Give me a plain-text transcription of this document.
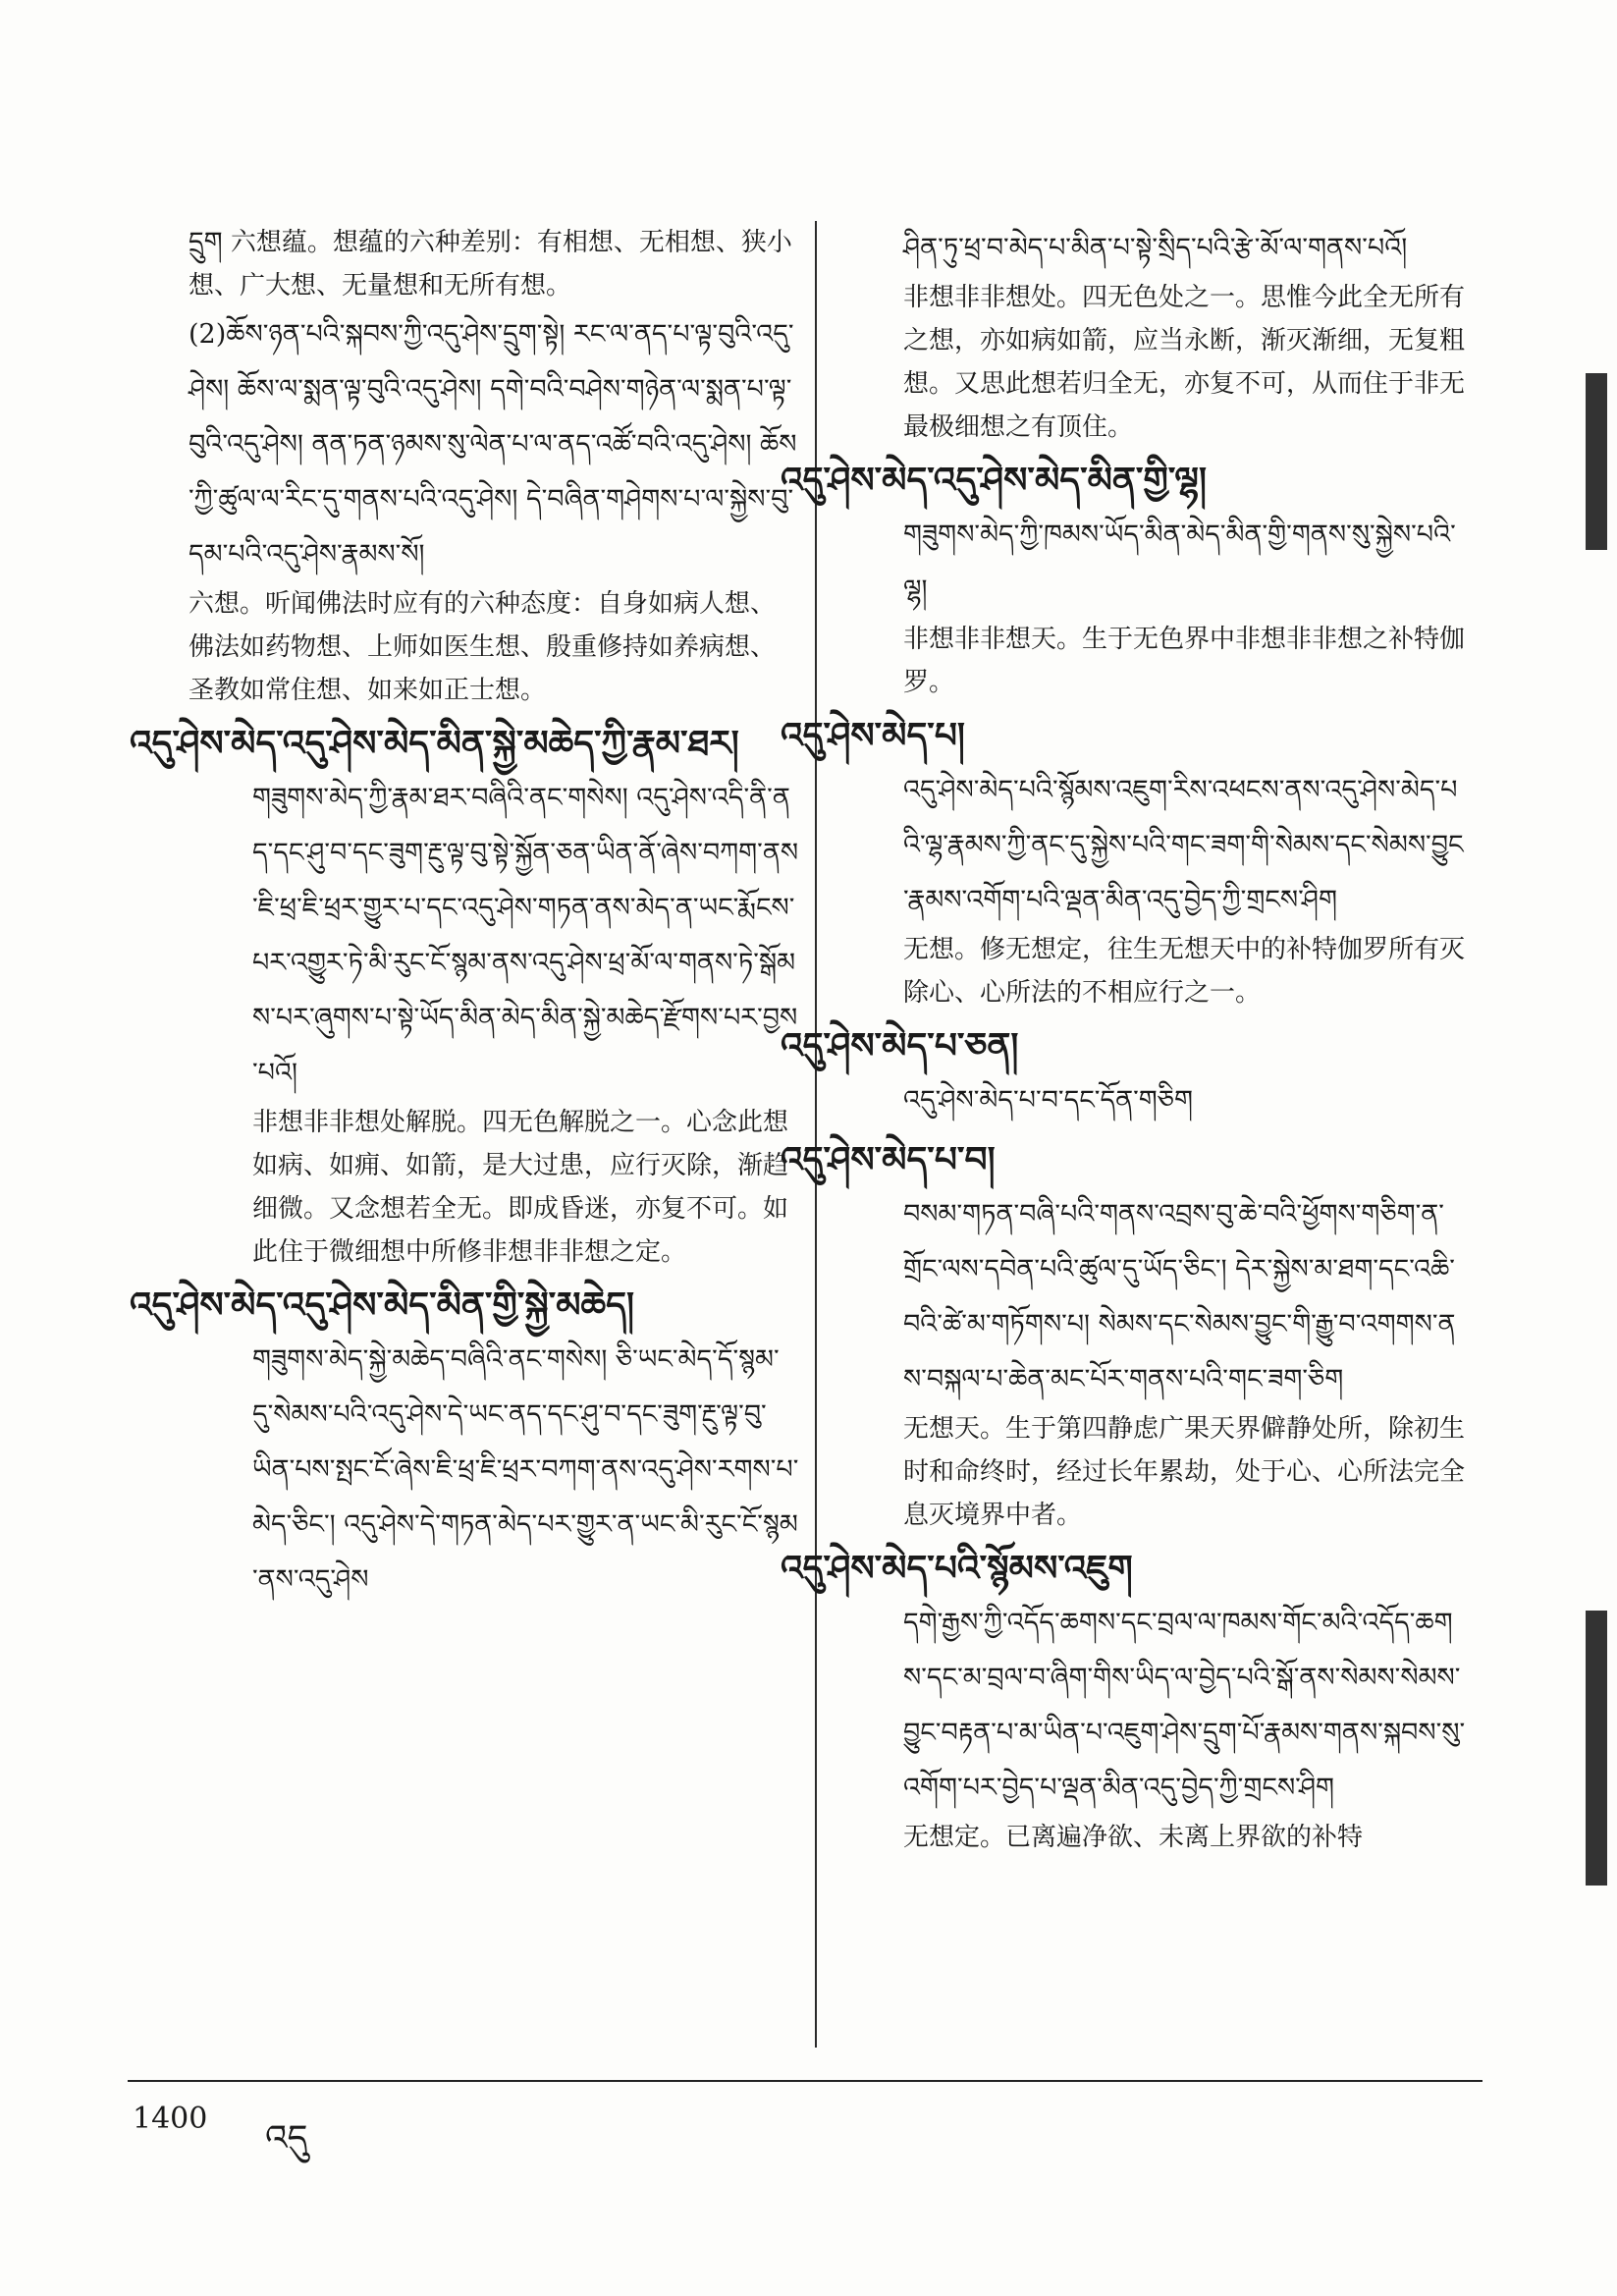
དྲུག 六想蕴。想蕴的六种差别：有相想、无相想、狭小想、广大想、无量想和无所有想。
(2)ཆོས་ཉན་པའི་སྐབས་ཀྱི་འདུ་ཤེས་དྲུག་སྟེ། རང་ལ་ནད་པ་ལྟ་བུའི་འདུ་ཤེས། ཆོས་ལ་སྨན་ལྟ་བུའི་འདུ་ཤེས། དགེ་བའི་བཤེས་གཉེན་ལ་སྨན་པ་ལྟ་བུའི་འདུ་ཤེས། ནན་ཏན་ཉམས་སུ་ལེན་པ་ལ་ནད་འཚོ་བའི་འདུ་ཤེས། ཆོས་ཀྱི་ཚུལ་ལ་རིང་དུ་གནས་པའི་འདུ་ཤེས། དེ་བཞིན་གཤེགས་པ་ལ་སྐྱེས་བུ་དམ་པའི་འདུ་ཤེས་རྣམས་སོ།
六想。听闻佛法时应有的六种态度：自身如病人想、佛法如药物想、上师如医生想、殷重修持如养病想、圣教如常住想、如来如正士想。
འདུ་ཤེས་མེད་འདུ་ཤེས་མེད་མིན་སྐྱེ་མཆེད་ཀྱི་རྣམ་ཐར།
གཟུགས་མེད་ཀྱི་རྣམ་ཐར་བཞིའི་ནང་གསེས། འདུ་ཤེས་འདི་ནི་ནད་དང་ཤུ་བ་དང་ཟུག་རྔུ་ལྟ་བུ་སྟེ་སྐྱོན་ཅན་ཡིན་ནོ་ཞེས་བཀག་ནས་ཇི་ཕྲ་ཇི་ཕྲར་གྱུར་པ་དང་འདུ་ཤེས་གཏན་ནས་མེད་ན་ཡང་རྨོངས་པར་འགྱུར་ཏེ་མི་རུང་ངོ་སྙམ་ནས་འདུ་ཤེས་ཕྲ་མོ་ལ་གནས་ཏེ་སྒོམས་པར་ཞུགས་པ་སྟེ་ཡོད་མིན་མེད་མིན་སྐྱེ་མཆེད་རྫོགས་པར་བྱས་པའོ།
非想非非想处解脱。四无色解脱之一。心念此想如病、如痈、如箭，是大过患，应行灭除，渐趋细微。又念想若全无。即成昏迷，亦复不可。如此住于微细想中所修非想非非想之定。
འདུ་ཤེས་མེད་འདུ་ཤེས་མེད་མིན་གྱི་སྐྱེ་མཆེད།
གཟུགས་མེད་སྐྱེ་མཆེད་བཞིའི་ནང་གསེས། ཅི་ཡང་མེད་དོ་སྙམ་དུ་སེམས་པའི་འདུ་ཤེས་དེ་ཡང་ནད་དང་ཤུ་བ་དང་ཟུག་རྔུ་ལྟ་བུ་ཡིན་པས་སྤང་ངོ་ཞེས་ཇི་ཕྲ་ཇི་ཕྲར་བཀག་ནས་འདུ་ཤེས་རགས་པ་མེད་ཅིང་། འདུ་ཤེས་དེ་གཏན་མེད་པར་གྱུར་ན་ཡང་མི་རུང་ངོ་སྙམ་ནས་འདུ་ཤེས
ཤིན་ཏུ་ཕྲ་བ་མེད་པ་མིན་པ་སྟེ་སྲིད་པའི་རྩེ་མོ་ལ་གནས་པའོ།
非想非非想处。四无色处之一。思惟今此全无所有之想，亦如病如箭，应当永断，渐灭渐细，无复粗想。又思此想若归全无，亦复不可，从而住于非无最极细想之有顶住。
འདུ་ཤེས་མེད་འདུ་ཤེས་མེད་མིན་གྱི་ལྷ།
གཟུགས་མེད་ཀྱི་ཁམས་ཡོད་མིན་མེད་མིན་གྱི་གནས་སུ་སྐྱེས་པའི་ལྷ།
非想非非想天。生于无色界中非想非非想之补特伽罗。
འདུ་ཤེས་མེད་པ།
འདུ་ཤེས་མེད་པའི་སྙོམས་འཇུག་རིས་འཕངས་ནས་འདུ་ཤེས་མེད་པའི་ལྷ་རྣམས་ཀྱི་ནང་དུ་སྐྱེས་པའི་གང་ཟག་གི་སེམས་དང་སེམས་བྱུང་རྣམས་འགོག་པའི་ལྡན་མིན་འདུ་བྱེད་ཀྱི་གྲངས་ཤིག
无想。修无想定，往生无想天中的补特伽罗所有灭除心、心所法的不相应行之一。
འདུ་ཤེས་མེད་པ་ཅན།
འདུ་ཤེས་མེད་པ་བ་དང་དོན་གཅིག
འདུ་ཤེས་མེད་པ་བ།
བསམ་གཏན་བཞི་པའི་གནས་འབྲས་བུ་ཆེ་བའི་ཕྱོགས་གཅིག་ན་གྲོང་ལས་དབེན་པའི་ཚུལ་དུ་ཡོད་ཅིང་། དེར་སྐྱེས་མ་ཐག་དང་འཆི་བའི་ཚེ་མ་གཏོགས་པ། སེམས་དང་སེམས་བྱུང་གི་རྒྱུ་བ་འགགས་ནས་བསྐལ་པ་ཆེན་མང་པོར་གནས་པའི་གང་ཟག་ཅིག
无想天。生于第四静虑广果天界僻静处所，除初生时和命终时，经过长年累劫，处于心、心所法完全息灭境界中者。
འདུ་ཤེས་མེད་པའི་སྙོམས་འཇུག
དགེ་རྒྱས་ཀྱི་འདོད་ཆགས་དང་བྲལ་ལ་ཁམས་གོང་མའི་འདོད་ཆགས་དང་མ་བྲལ་བ་ཞིག་གིས་ཡིད་ལ་བྱེད་པའི་སྒོ་ནས་སེམས་སེམས་བྱུང་བརྟན་པ་མ་ཡིན་པ་འཇུག་ཤེས་དྲུག་པོ་རྣམས་གནས་སྐབས་སུ་འགོག་པར་བྱེད་པ་ལྡན་མིན་འདུ་བྱེད་ཀྱི་གྲངས་ཤིག
无想定。已离遍净欲、未离上界欲的补特
1400 འདུ
